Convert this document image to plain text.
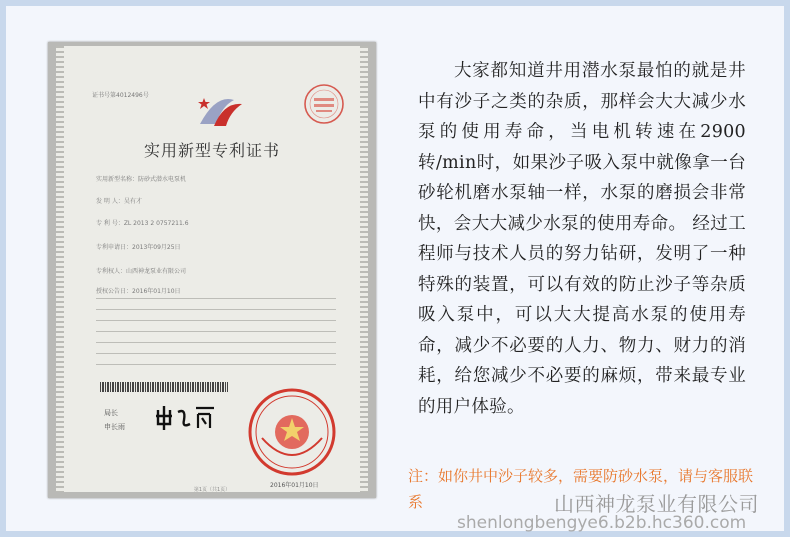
证书号第4012496号
实用新型专利证书
实用新型名称：防砂式潜水电泵机
发 明 人：吴有才
专 利 号：ZL 2013 2 0757211.6
专利申请日：2013年09月25日
专利权人：山西神龙泵业有限公司
授权公告日：2016年01月10日
局长
申长雨
2016年01月10日
第1页（共1页）
大家都知道井用潜水泵最怕的就是井中有沙子之类的杂质，那样会大大减少水泵的使用寿命，当电机转速在2900转/min时，如果沙子吸入泵中就像拿一台砂轮机磨水泵轴一样，水泵的磨损会非常快，会大大减少水泵的使用寿命。 经过工程师与技术人员的努力钻研，发明了一种特殊的装置，可以有效的防止沙子等杂质吸入泵中，可以大大提高水泵的使用寿命，减少不必要的人力、物力、财力的消耗，给您减少不必要的麻烦，带来最专业的用户体验。
注：如你井中沙子较多，需要防砂水泵，请与客服联系	山西神龙泵业有限公司
shenlongbengye6.b2b.hc360.com
